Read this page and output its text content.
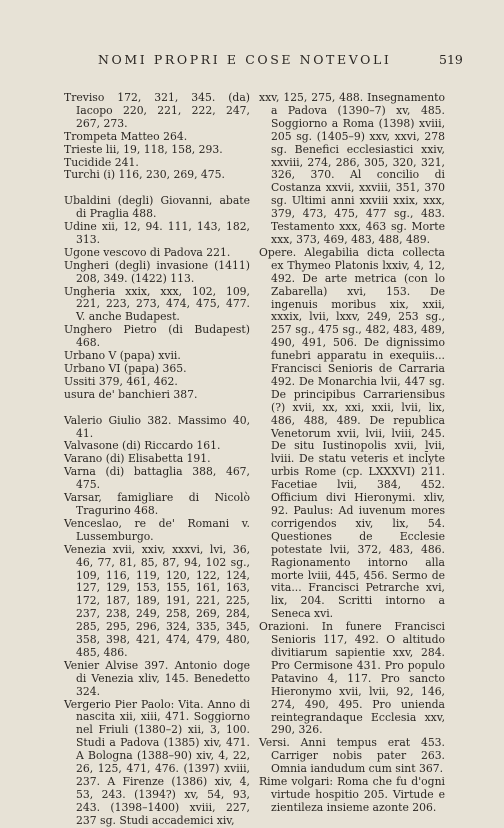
NOMI PROPRI E COSE NOTEVOLI	519

Treviso 172, 321, 345. (da) Iacopo 220, 221, 222, 247, 267, 273.

Trompeta Matteo 264.

Trieste lii, 19, 118, 158, 293.

Tucidide 241.

Turchi (i) 116, 230, 269, 475.

Ubaldini (degli) Giovanni, abate di Praglia 488.

Udine xii, 12, 94. 111, 143, 182, 313.

Ugone vescovo di Padova 221.

Ungheri (degli) invasione (1411) 208, 349. (1422) 113.

Ungheria xxix, xxx, 102, 109, 221, 223, 273, 474, 475, 477. V. anche Budapest.

Unghero Pietro (di Budapest) 468.

Urbano V (papa) xvii.

Urbano VI (papa) 365.

Ussiti 379, 461, 462.

usura de' banchieri 387.

Valerio Giulio 382. Massimo 40, 41.

Valvasone (di) Riccardo 161.

Varano (di) Elisabetta 191.

Varna (di) battaglia 388, 467, 475.

Varsar, famigliare di Nicolò Tragurino 468.

Venceslao, re de' Romani v. Lussemburgo.

Venezia xvii, xxiv, xxxvi, lvi, 36, 46, 77, 81, 85, 87, 94, 102 sg., 109, 116, 119, 120, 122, 124, 127, 129, 153, 155, 161, 163, 172, 187, 189, 191, 221, 225, 237, 238, 249, 258, 269, 284, 285, 295, 296, 324, 335, 345, 358, 398, 421, 474, 479, 480, 485, 486.

Venier Alvise 397. Antonio doge di Venezia xliv, 145. Benedetto 324.

Vergerio Pier Paolo: Vita. Anno di nascita xii, xiii, 471. Soggiorno nel Friuli (1380–2) xii, 3, 100. Studi a Padova (1385) xiv, 471. A Bologna (1388–90) xiv, 4, 22, 26, 125, 471, 476. (1397) xviii, 237. A Firenze (1386) xiv, 4, 53, 243. (1394?) xv, 54, 93, 243. (1398–1400) xviii, 227, 237 sg. Studi accademici xiv,

xxv, 125, 275, 488. Insegnamento a Padova (1390–7) xv, 485. Soggiorno a Roma (1398) xviii, 205 sg. (1405–9) xxv, xxvi, 278 sg. Benefici ecclesiastici xxiv, xxviii, 274, 286, 305, 320, 321, 326, 370. Al concilio di Costanza xxvii, xxviii, 351, 370 sg. Ultimi anni xxviii xxix, xxx, 379, 473, 475, 477 sg., 483. Testamento xxx, 463 sg. Morte xxx, 373, 469, 483, 488, 489.

Opere. Alegabilia dicta collecta ex Thymeo Platonis lxxiv, 4, 12, 492. De arte metrica (con lo Zabarella) xvi, 153. De ingenuis moribus xix, xxii, xxxix, lvii, lxxv, 249, 253 sg., 257 sg., 475 sg., 482, 483, 489, 490, 491, 506. De dignissimo funebri apparatu in exequiis... Francisci Senioris de Carraria 492. De Monarchia lvii, 447 sg. De principibus Carrariensibus (?) xvii, xx, xxi, xxii, lvii, lix, 486, 488, 489. De republica Venetorum xvii, lvii, lviii, 245. De situ Iustinopolis xvii, lvii, lviii. De statu veteris et incl̄yte urbis Rome (cp. LXXXVI) 211. Facetiae lvii, 384, 452. Officium divi Hieronymi. xliv, 92. Paulus: Ad iuvenum mores corrigendos xiv, lix, 54. Questiones de Ecclesie potestate lvii, 372, 483, 486. Ragionamento intorno alla morte lviii, 445, 456. Sermo de vita... Francisci Petrarche xvi, lix, 204. Scritti intorno a Seneca xvi.

Orazioni. In funere Francisci Senioris 117, 492. O altitudo divitiarum sapientie xxv, 284. Pro Cermisone 431. Pro populo Patavino 4, 117. Pro sancto Hieronymo xvii, lvii, 92, 146, 274, 490, 495. Pro unienda reintegrandaque Ecclesia xxv, 290, 326.

Versi. Anni tempus erat 453. Carriger nobis pater 263. Omnia iandudum cum sint 367.

Rime volgari: Roma che fu d'ogni virtude hospitio 205. Virtude e zientileza insieme azonte 206.
